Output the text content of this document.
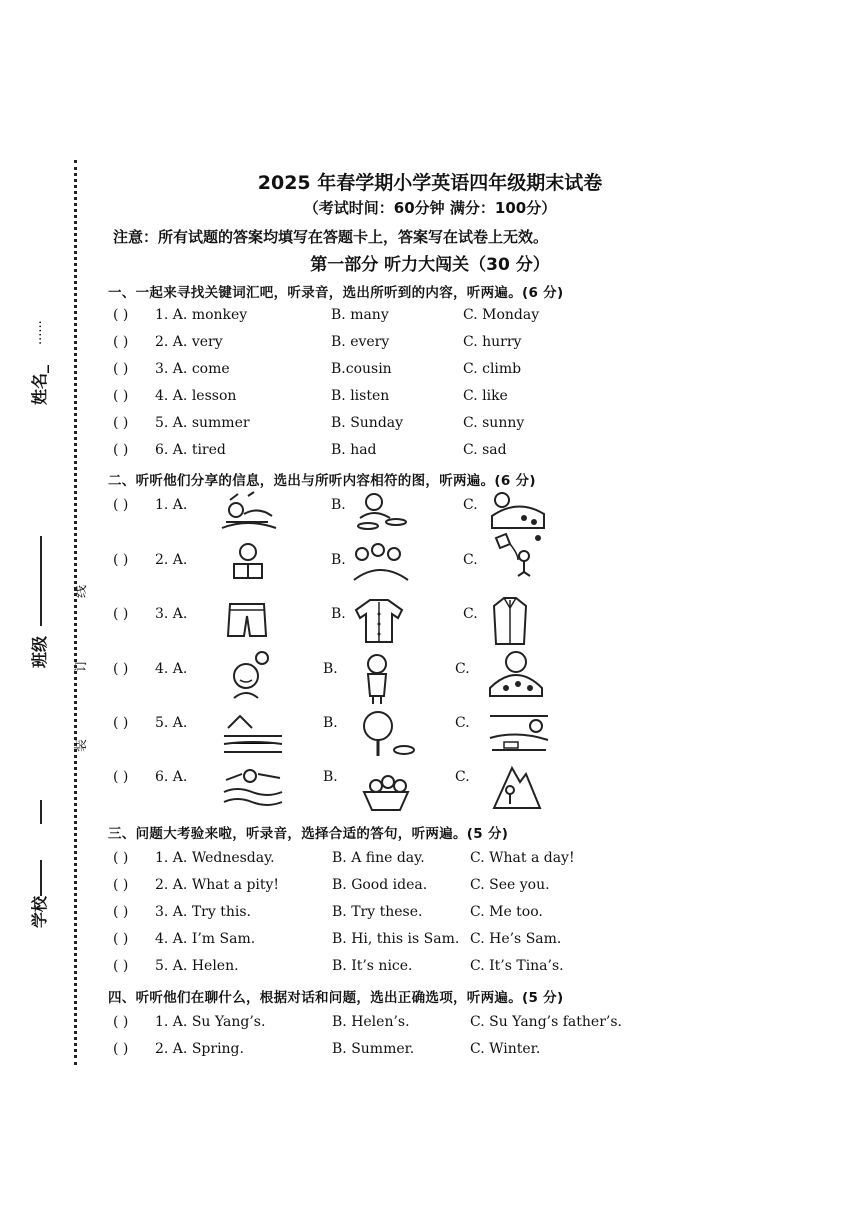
姓名_
......
班级
线
订
装
学校
2025 年春学期小学英语四年级期末试卷
（考试时间：60分钟 满分：100分）
注意：所有试题的答案均填写在答题卡上，答案写在试卷上无效。
第一部分 听力大闯关（30 分）
一、一起来寻找关键词汇吧，听录音，选出所听到的内容，听两遍。(6 分)
( ) 1. A. monkey	B. many	C. Monday
( ) 2. A. very	B. every	C. hurry
( ) 3. A. come	B.cousin	C. climb
( ) 4. A. lesson	B. listen	C. like
( ) 5. A. summer	B. Sunday	C. sunny
( ) 6. A. tired	B. had	C. sad
二、听听他们分享的信息，选出与所听内容相符的图，听两遍。(6 分)
( ) 1. A.	B.	C.
( ) 2. A.	B.	C.
( ) 3. A.	B.	C.
( ) 4. A.	B.	C.
( ) 5. A.	B.	C.
( ) 6. A.	B.	C.
三、问题大考验来啦，听录音，选择合适的答句，听两遍。(5 分)
( ) 1. A. Wednesday.	B. A fine day.	C. What a day!
( ) 2. A. What a pity!	B. Good idea.	C. See you.
( ) 3. A. Try this.	B. Try these.	C. Me too.
( ) 4. A. I’m Sam.	B. Hi, this is Sam. C. He’s Sam.
( ) 5. A. Helen.	B. It’s nice.	C. It’s Tina’s.
四、听听他们在聊什么，根据对话和问题，选出正确选项，听两遍。(5 分)
( ) 1. A. Su Yang’s.	B. Helen’s.	C. Su Yang’s father’s.
( ) 2. A. Spring.	B. Summer.	C. Winter.
